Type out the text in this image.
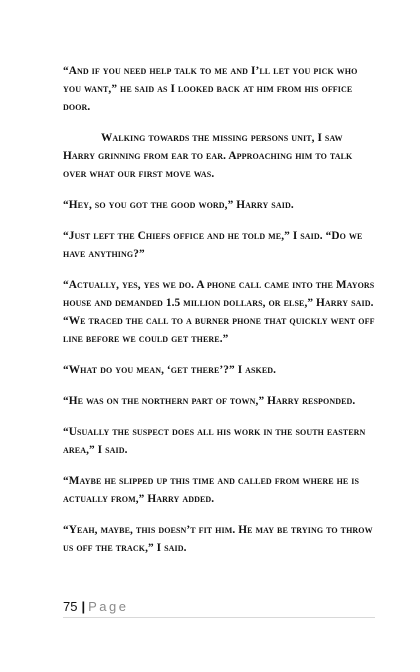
“And if you need help talk to me and I’ll let you pick who you want,” he said as I looked back at him from his office door.

Walking towards the missing persons unit, I saw Harry grinning from ear to ear. Approaching him to talk over what our first move was.

“Hey, so you got the good word,” Harry said.

“Just left the Chiefs office and he told me,” I said. “Do we have anything?”

“Actually, yes, yes we do. A phone call came into the Mayors house and demanded 1.5 million dollars, or else,” Harry said. “We traced the call to a burner phone that quickly went off line before we could get there.”

“What do you mean, ‘get there’?” I asked.

“He was on the northern part of town,” Harry responded.

“Usually the suspect does all his work in the south eastern area,” I said.

“Maybe he slipped up this time and called from where he is actually from,” Harry added.

“Yeah, maybe, this doesn’t fit him. He may be trying to throw us off the track,” I said.

75 | Page
